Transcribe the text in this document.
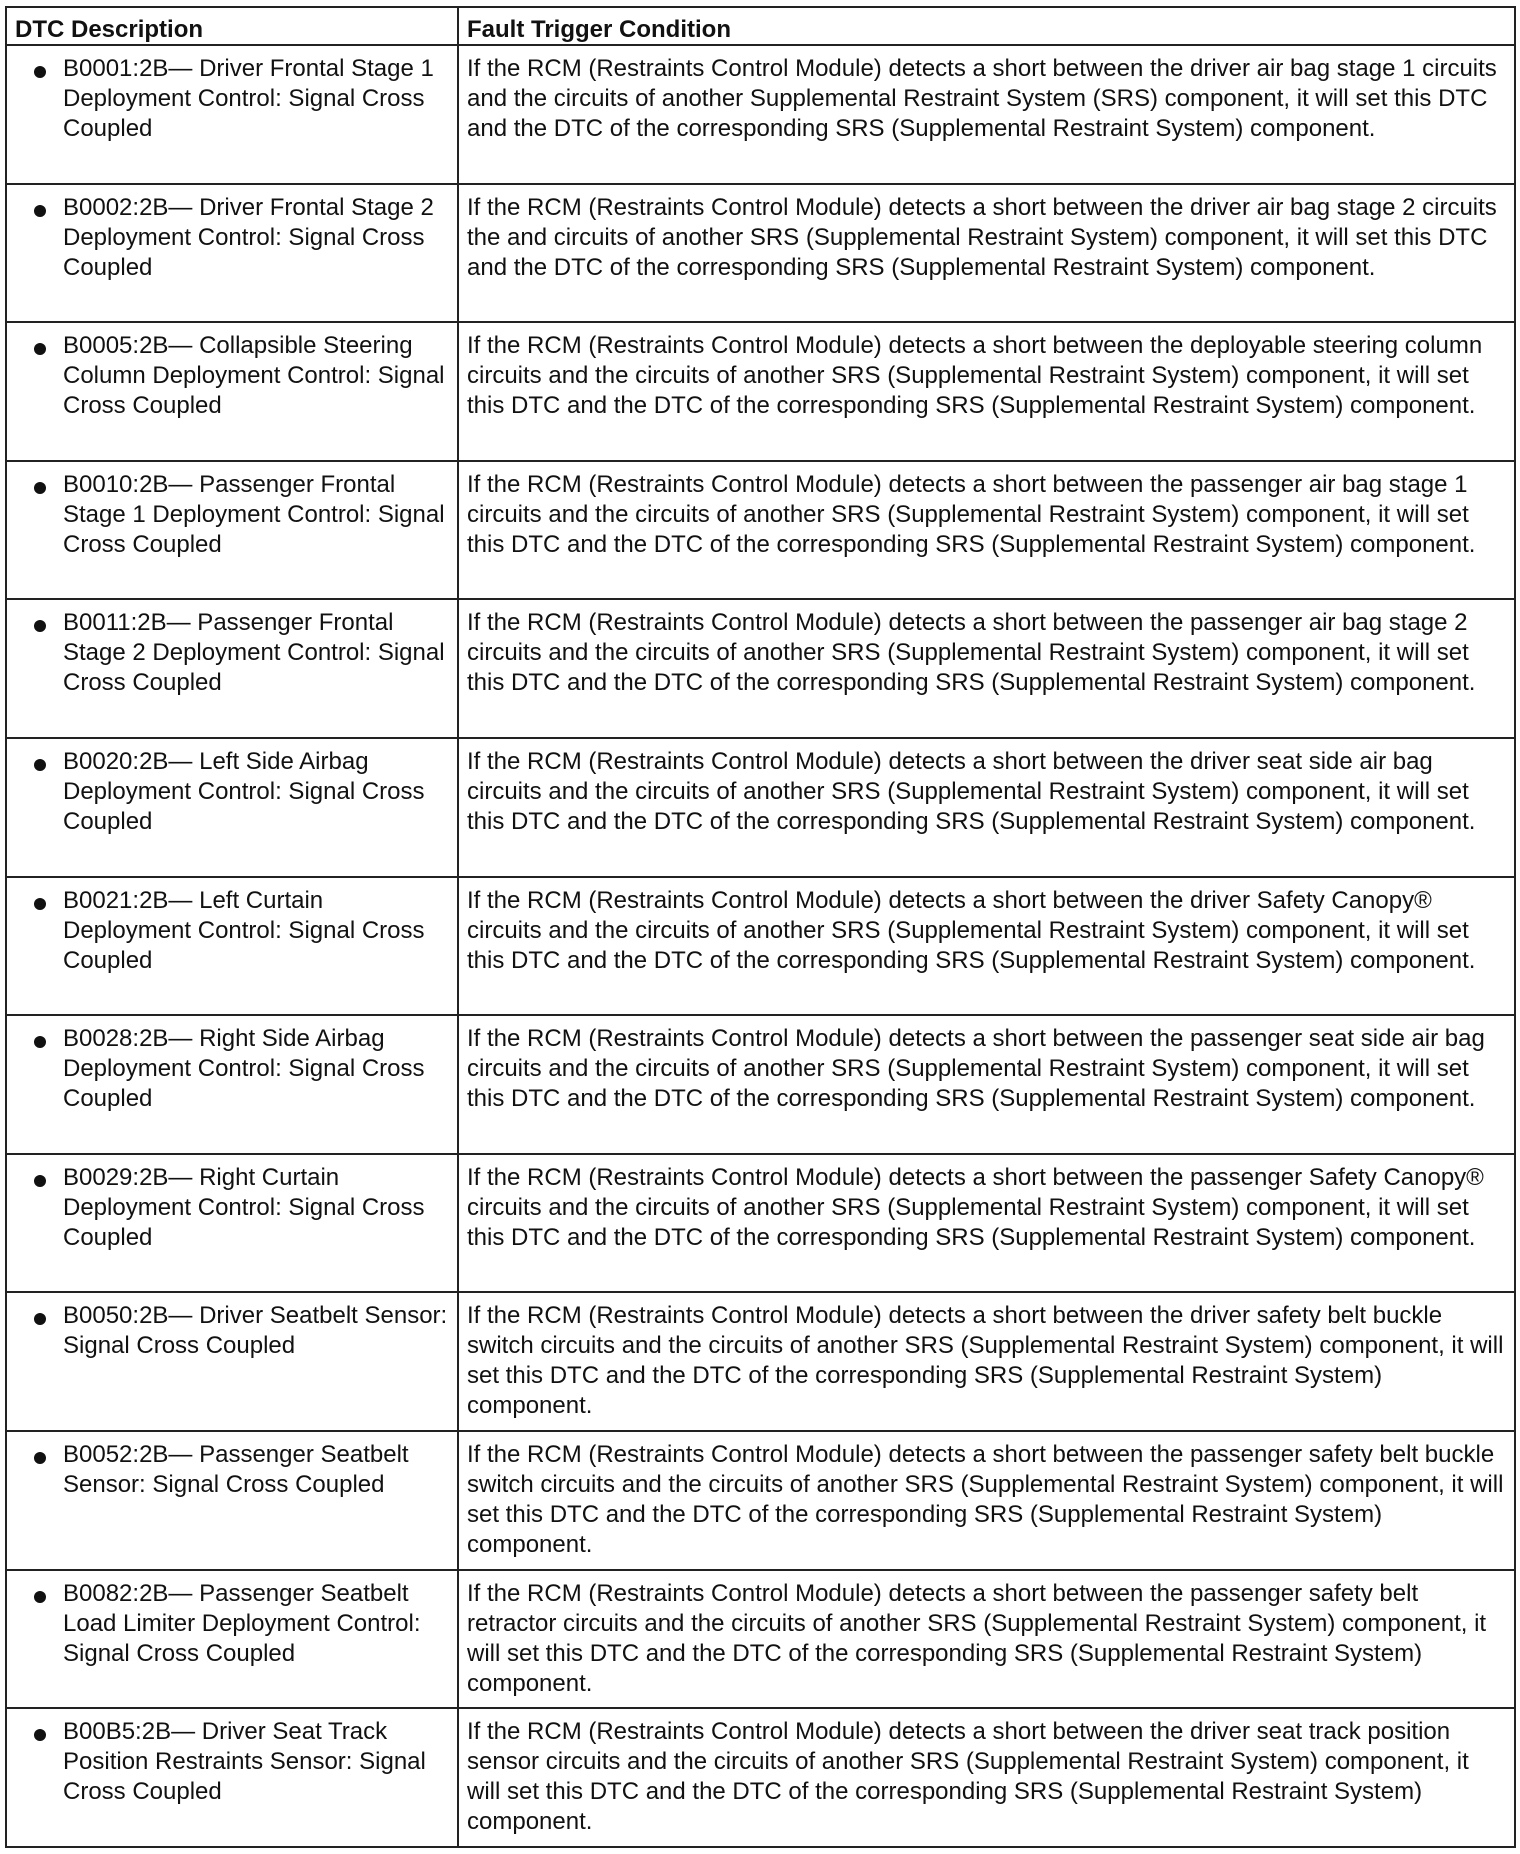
DTC Description	Fault Trigger Condition

B0001:2B— Driver Frontal Stage 1 Deployment Control: Signal Cross Coupled	If the RCM (Restraints Control Module) detects a short between the driver air bag stage 1 circuits and the circuits of another Supplemental Restraint System (SRS) component, it will set this DTC and the DTC of the corresponding SRS (Supplemental Restraint System) component.

B0002:2B— Driver Frontal Stage 2 Deployment Control: Signal Cross Coupled	If the RCM (Restraints Control Module) detects a short between the driver air bag stage 2 circuits the and circuits of another SRS (Supplemental Restraint System) component, it will set this DTC and the DTC of the corresponding SRS (Supplemental Restraint System) component.

B0005:2B— Collapsible Steering Column Deployment Control: Signal Cross Coupled	If the RCM (Restraints Control Module) detects a short between the deployable steering column circuits and the circuits of another SRS (Supplemental Restraint System) component, it will set this DTC and the DTC of the corresponding SRS (Supplemental Restraint System) component.

B0010:2B— Passenger Frontal Stage 1 Deployment Control: Signal Cross Coupled	If the RCM (Restraints Control Module) detects a short between the passenger air bag stage 1 circuits and the circuits of another SRS (Supplemental Restraint System) component, it will set this DTC and the DTC of the corresponding SRS (Supplemental Restraint System) component.

B0011:2B— Passenger Frontal Stage 2 Deployment Control: Signal Cross Coupled	If the RCM (Restraints Control Module) detects a short between the passenger air bag stage 2 circuits and the circuits of another SRS (Supplemental Restraint System) component, it will set this DTC and the DTC of the corresponding SRS (Supplemental Restraint System) component.

B0020:2B— Left Side Airbag Deployment Control: Signal Cross Coupled	If the RCM (Restraints Control Module) detects a short between the driver seat side air bag circuits and the circuits of another SRS (Supplemental Restraint System) component, it will set this DTC and the DTC of the corresponding SRS (Supplemental Restraint System) component.

B0021:2B— Left Curtain Deployment Control: Signal Cross Coupled	If the RCM (Restraints Control Module) detects a short between the driver Safety Canopy® circuits and the circuits of another SRS (Supplemental Restraint System) component, it will set this DTC and the DTC of the corresponding SRS (Supplemental Restraint System) component.

B0028:2B— Right Side Airbag Deployment Control: Signal Cross Coupled	If the RCM (Restraints Control Module) detects a short between the passenger seat side air bag circuits and the circuits of another SRS (Supplemental Restraint System) component, it will set this DTC and the DTC of the corresponding SRS (Supplemental Restraint System) component.

B0029:2B— Right Curtain Deployment Control: Signal Cross Coupled	If the RCM (Restraints Control Module) detects a short between the passenger Safety Canopy® circuits and the circuits of another SRS (Supplemental Restraint System) component, it will set this DTC and the DTC of the corresponding SRS (Supplemental Restraint System) component.

B0050:2B— Driver Seatbelt Sensor: Signal Cross Coupled	If the RCM (Restraints Control Module) detects a short between the driver safety belt buckle switch circuits and the circuits of another SRS (Supplemental Restraint System) component, it will set this DTC and the DTC of the corresponding SRS (Supplemental Restraint System) component.

B0052:2B— Passenger Seatbelt Sensor: Signal Cross Coupled	If the RCM (Restraints Control Module) detects a short between the passenger safety belt buckle switch circuits and the circuits of another SRS (Supplemental Restraint System) component, it will set this DTC and the DTC of the corresponding SRS (Supplemental Restraint System) component.

B0082:2B— Passenger Seatbelt Load Limiter Deployment Control: Signal Cross Coupled	If the RCM (Restraints Control Module) detects a short between the passenger safety belt retractor circuits and the circuits of another SRS (Supplemental Restraint System) component, it will set this DTC and the DTC of the corresponding SRS (Supplemental Restraint System) component.

B00B5:2B— Driver Seat Track Position Restraints Sensor: Signal Cross Coupled	If the RCM (Restraints Control Module) detects a short between the driver seat track position sensor circuits and the circuits of another SRS (Supplemental Restraint System) component, it will set this DTC and the DTC of the corresponding SRS (Supplemental Restraint System) component.
